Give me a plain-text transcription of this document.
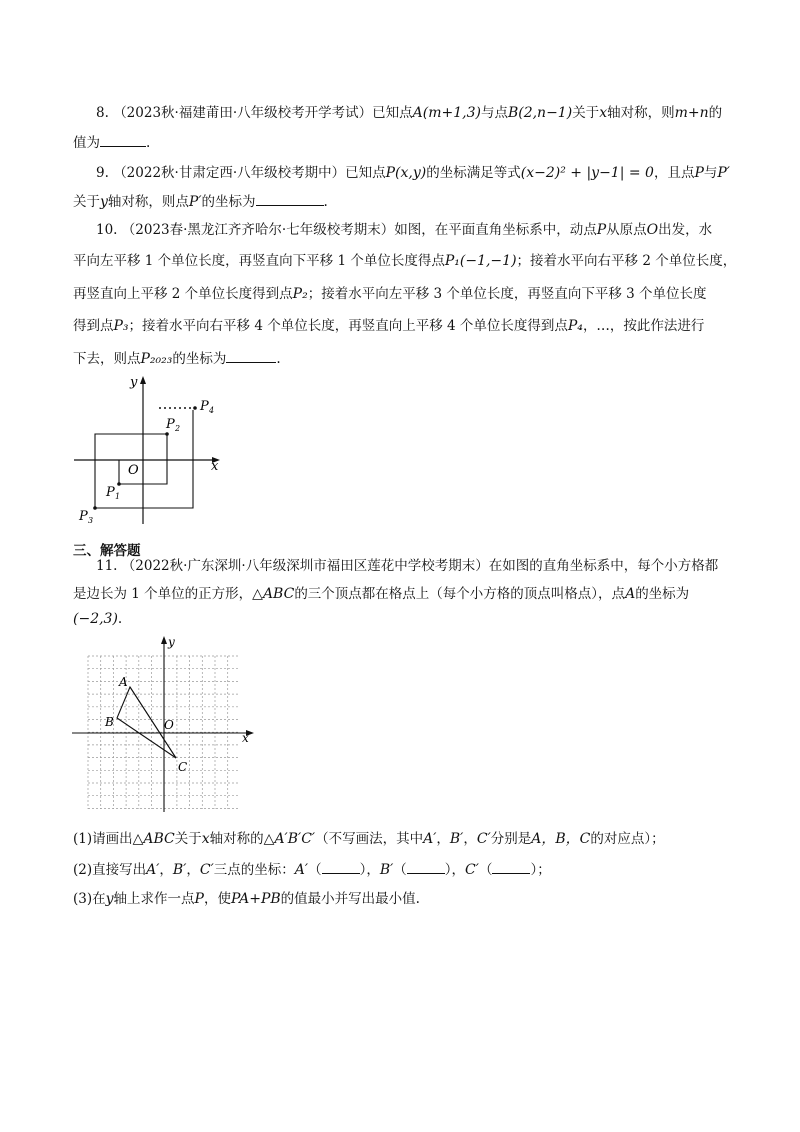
8. （2023秋·福建莆田·八年级校考开学考试）已知点A(m+1,3)与点B(2,n−1)关于x轴对称，则m+n的
值为	.
9. （2022秋·甘肃定西·八年级校考期中）已知点P(x,y)的坐标满足等式(x−2)² + |y−1| = 0，且点P与P′
关于y轴对称，则点P′的坐标为	.
10. （2023春·黑龙江齐齐哈尔·七年级校考期末）如图，在平面直角坐标系中，动点P从原点O出发，水
平向左平移 1 个单位长度，再竖直向下平移 1 个单位长度得点P₁(−1,−1)；接着水平向右平移 2 个单位长度，
再竖直向上平移 2 个单位长度得到点P₂；接着水平向左平移 3 个单位长度，再竖直向下平移 3 个单位长度
得到点P₃；接着水平向右平移 4 个单位长度，再竖直向上平移 4 个单位长度得到点P₄，…，按此作法进行
下去，则点P₂₀₂₃的坐标为	.
y
x
O
P 1
P 2
P 3
P 4
三、解答题
11. （2022秋·广东深圳·八年级深圳市福田区莲花中学校考期末）在如图的直角坐标系中，每个小方格都
是边长为 1 个单位的正方形，△ABC的三个顶点都在格点上（每个小方格的顶点叫格点），点A的坐标为
(−2,3).
y
x
O
A
B
C
(1)请画出△ABC关于x轴对称的△A′B′C′（不写画法，其中A′，B′，C′分别是A，B，C的对应点）；
(2)直接写出A′，B′，C′三点的坐标：A′（	），B′（	），C′（	）；
(3)在y轴上求作一点P，使PA+PB的值最小并写出最小值.
